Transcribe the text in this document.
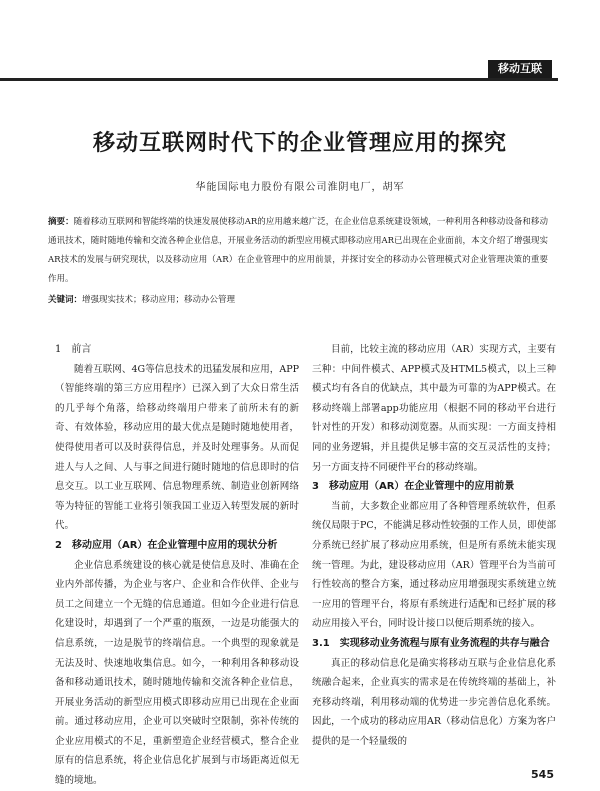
移动互联
移动互联网时代下的企业管理应用的探究
华能国际电力股份有限公司淮阴电厂，胡军
摘要：随着移动互联网和智能终端的快速发展使移动AR的应用越来越广泛，在企业信息系统建设领域，一种利用各种移动设备和移动通讯技术，随时随地传输和交流各种企业信息，开展业务活动的新型应用模式即移动应用AR已出现在企业面前，本文介绍了增强现实AR技术的发展与研究现状，以及移动应用（AR）在企业管理中的应用前景，并探讨安全的移动办公管理模式对企业管理决策的重要作用。
关键词：增强现实技术；移动应用；移动办公管理
1　前言

随着互联网、4G等信息技术的迅猛发展和应用，APP（智能终端的第三方应用程序）已深入到了大众日常生活的几乎每个角落，给移动终端用户带来了前所未有的新奇、有效体验，移动应用的最大优点是随时随地使用者，使得使用者可以及时获得信息，并及时处理事务。从而促进人与人之间、人与事之间进行随时随地的信息即时的信息交互。以工业互联网、信息物理系统、制造业创新网络等为特征的智能工业将引领我国工业迈入转型发展的新时代。

2　移动应用（AR）在企业管理中应用的现状分析

企业信息系统建设的核心就是使信息及时、准确在企业内外部传播，为企业与客户、企业和合作伙伴、企业与员工之间建立一个无缝的信息通道。但如今企业进行信息化建设时，却遇到了一个严重的瓶颈，一边是功能强大的信息系统，一边是脱节的终端信息。一个典型的现象就是无法及时、快速地收集信息。如今，一种利用各种移动设备和移动通讯技术，随时随地传输和交流各种企业信息，开展业务活动的新型应用模式即移动应用已出现在企业面前。通过移动应用，企业可以突破时空限制，弥补传统的企业应用模式的不足，重新塑造企业经营模式，整合企业原有的信息系统，将企业信息化扩展到与市场距离近似无缝的境地。

目前，比较主流的移动应用（AR）实现方式，主要有三种：中间件模式、APP模式及HTML5模式，以上三种模式均有各自的优缺点，其中最为可靠的为APP模式。在移动终端上部署app功能应用（根据不同的移动平台进行针对性的开发）和移动浏览器。从而实现：一方面支持相同的业务逻辑，并且提供足够丰富的交互灵活性的支持；另一方面支持不同硬件平台的移动终端。

3　移动应用（AR）在企业管理中的应用前景

当前，大多数企业都应用了各种管理系统软件，但系统仅局限于PC，不能满足移动性较强的工作人员，即使部分系统已经扩展了移动应用系统，但是所有系统未能实现统一管理。为此，建设移动应用（AR）管理平台为当前可行性较高的整合方案，通过移动应用增强现实系统建立统一应用的管理平台，将原有系统进行适配和已经扩展的移动应用接入平台，同时设计接口以便后期系统的接入。

3.1　实现移动业务流程与原有业务流程的共存与融合

真正的移动信息化是确实将移动互联与企业信息化系统融合起来，企业真实的需求是在传统终端的基础上，补充移动终端，利用移动端的优势进一步完善信息化系统。因此，一个成功的移动应用AR（移动信息化）方案为客户提供的是一个轻量级的

545
